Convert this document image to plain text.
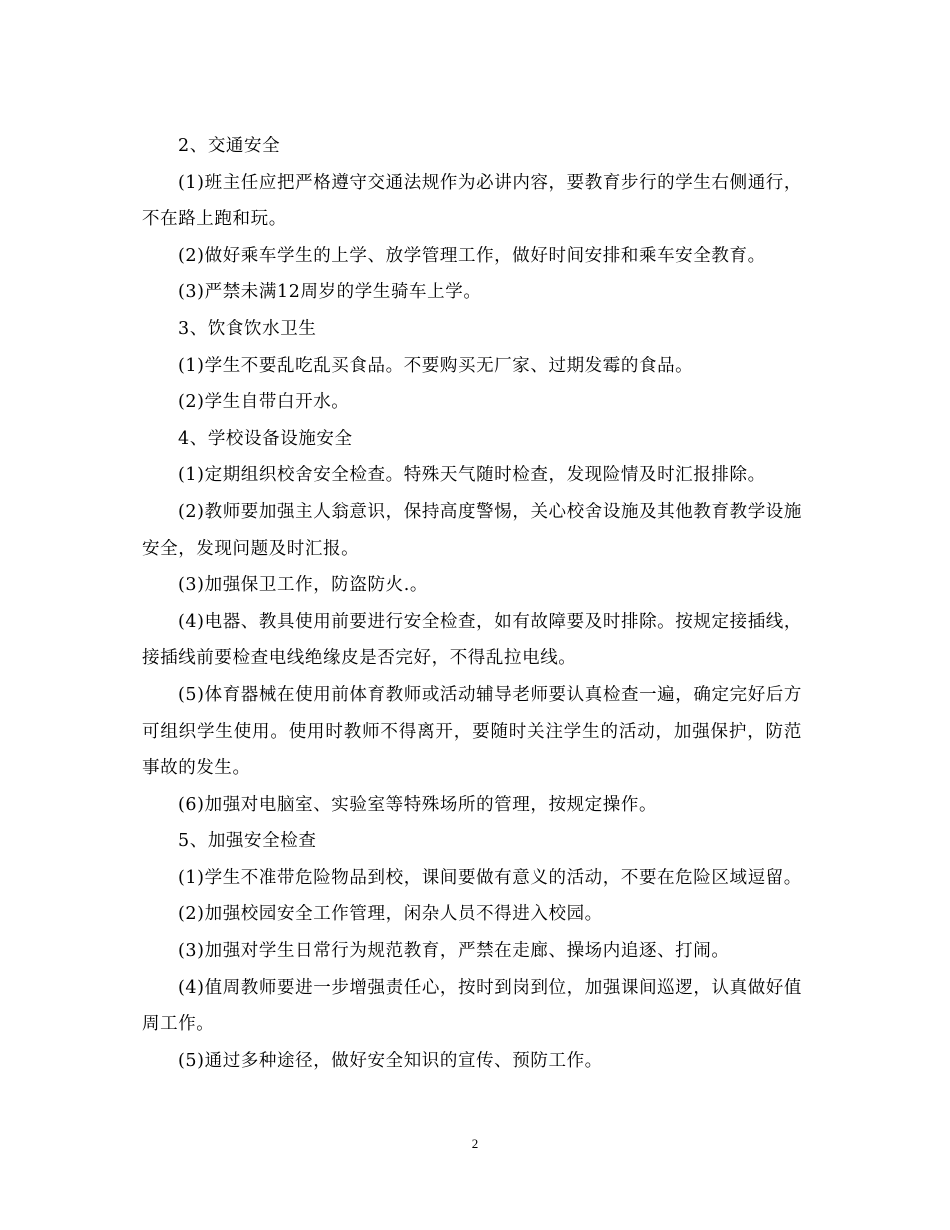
2、交通安全

(1)班主任应把严格遵守交通法规作为必讲内容，要教育步行的学生右侧通行，不在路上跑和玩。

(2)做好乘车学生的上学、放学管理工作，做好时间安排和乘车安全教育。

(3)严禁未满12周岁的学生骑车上学。

3、饮食饮水卫生

(1)学生不要乱吃乱买食品。不要购买无厂家、过期发霉的食品。

(2)学生自带白开水。

4、学校设备设施安全

(1)定期组织校舍安全检查。特殊天气随时检查，发现险情及时汇报排除。

(2)教师要加强主人翁意识，保持高度警惕，关心校舍设施及其他教育教学设施安全，发现问题及时汇报。

(3)加强保卫工作，防盗防火.。

(4)电器、教具使用前要进行安全检查，如有故障要及时排除。按规定接插线，接插线前要检查电线绝缘皮是否完好，不得乱拉电线。

(5)体育器械在使用前体育教师或活动辅导老师要认真检查一遍，确定完好后方可组织学生使用。使用时教师不得离开，要随时关注学生的活动，加强保护，防范事故的发生。

(6)加强对电脑室、实验室等特殊场所的管理，按规定操作。

5、加强安全检查

(1)学生不准带危险物品到校，课间要做有意义的活动，不要在危险区域逗留。

(2)加强校园安全工作管理，闲杂人员不得进入校园。

(3)加强对学生日常行为规范教育，严禁在走廊、操场内追逐、打闹。

(4)值周教师要进一步增强责任心，按时到岗到位，加强课间巡逻，认真做好值周工作。

(5)通过多种途径，做好安全知识的宣传、预防工作。

2
